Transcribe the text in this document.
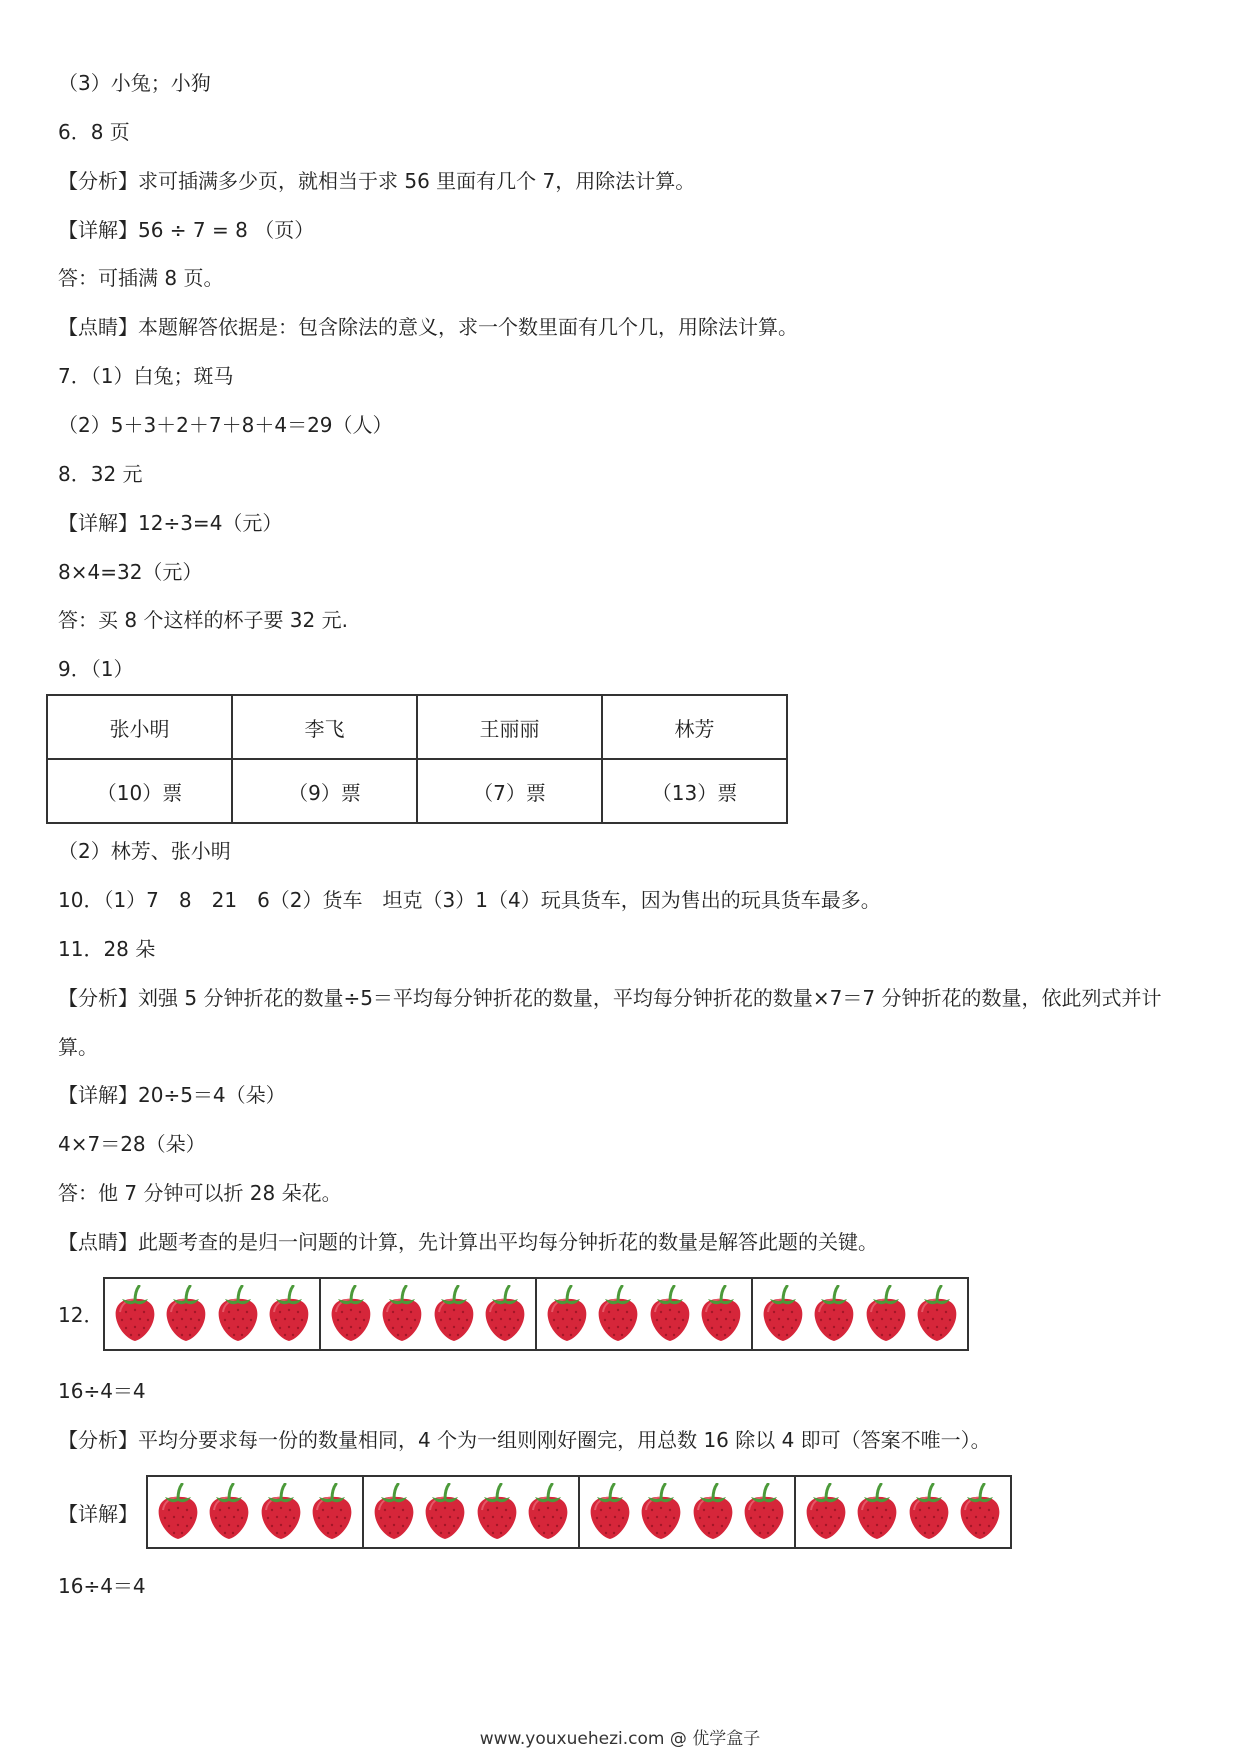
（3）小兔；小狗
6．8 页
【分析】求可插满多少页，就相当于求 56 里面有几个 7，用除法计算。
【详解】56 ÷ 7 = 8 （页）
答：可插满 8 页。
【点睛】本题解答依据是：包含除法的意义，求一个数里面有几个几，用除法计算。
7．（1）白兔；斑马
（2）5＋3＋2＋7＋8＋4＝29（人）
8．32 元
【详解】12÷3=4（元）
8×4=32（元）
答：买 8 个这样的杯子要 32 元.
9．（1）
张小明	李飞	王丽丽	林芳
（10）票	（9）票	（7）票	（13）票
（2）林芳、张小明
10．（1）7　8　21　6（2）货车　坦克（3）1（4）玩具货车，因为售出的玩具货车最多。
11．28 朵
【分析】刘强 5 分钟折花的数量÷5＝平均每分钟折花的数量，平均每分钟折花的数量×7＝7 分钟折花的数量，依此列式并计算。
【详解】20÷5＝4（朵）
4×7＝28（朵）
答：他 7 分钟可以折 28 朵花。
【点睛】此题考查的是归一问题的计算，先计算出平均每分钟折花的数量是解答此题的关键。
12．
16÷4＝4
【分析】平均分要求每一份的数量相同，4 个为一组则刚好圈完，用总数 16 除以 4 即可（答案不唯一）。
【详解】
16÷4＝4
www.youxuehezi.com @ 优学盒子
